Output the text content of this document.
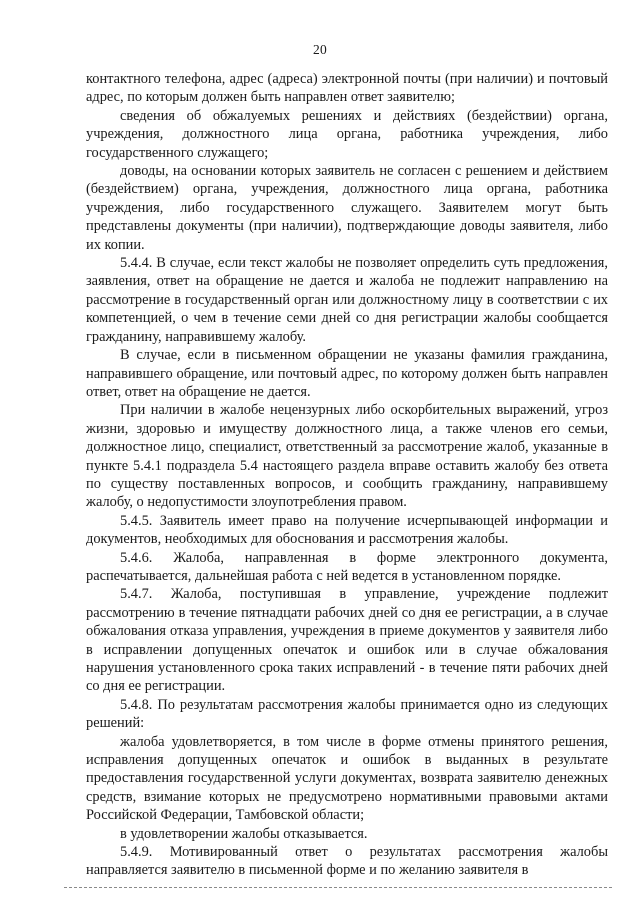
20

контактного телефона, адрес (адреса) электронной почты (при наличии) и почтовый адрес, по которым должен быть направлен ответ заявителю;

сведения об обжалуемых решениях и действиях (бездействии) органа, учреждения, должностного лица органа, работника учреждения, либо государственного служащего;

доводы, на основании которых заявитель не согласен с решением и действием (бездействием) органа, учреждения, должностного лица органа, работника учреждения, либо государственного служащего. Заявителем могут быть представлены документы (при наличии), подтверждающие доводы заявителя, либо их копии.

5.4.4. В случае, если текст жалобы не позволяет определить суть предложения, заявления, ответ на обращение не дается и жалоба не подлежит направлению на рассмотрение в государственный орган или должностному лицу в соответствии с их компетенцией, о чем в течение семи дней со дня регистрации жалобы сообщается гражданину, направившему жалобу.

В случае, если в письменном обращении не указаны фамилия гражданина, направившего обращение, или почтовый адрес, по которому должен быть направлен ответ, ответ на обращение не дается.

При наличии в жалобе нецензурных либо оскорбительных выражений, угроз жизни, здоровью и имуществу должностного лица, а также членов его семьи, должностное лицо, специалист, ответственный за рассмотрение жалоб, указанные в пункте 5.4.1 подраздела 5.4 настоящего раздела вправе оставить жалобу без ответа по существу поставленных вопросов, и сообщить гражданину, направившему жалобу, о недопустимости злоупотребления правом.

5.4.5. Заявитель имеет право на получение исчерпывающей информации и документов, необходимых для обоснования и рассмотрения жалобы.

5.4.6. Жалоба, направленная в форме электронного документа, распечатывается, дальнейшая работа с ней ведется в установленном порядке.

5.4.7. Жалоба, поступившая в управление, учреждение подлежит рассмотрению в течение пятнадцати рабочих дней со дня ее регистрации, а в случае обжалования отказа управления, учреждения в приеме документов у заявителя либо в исправлении допущенных опечаток и ошибок или в случае обжалования нарушения установленного срока таких исправлений - в течение пяти рабочих дней со дня ее регистрации.

5.4.8. По результатам рассмотрения жалобы принимается одно из следующих решений:

жалоба удовлетворяется, в том числе в форме отмены принятого решения, исправления допущенных опечаток и ошибок в выданных в результате предоставления государственной услуги документах, возврата заявителю денежных средств, взимание которых не предусмотрено нормативными правовыми актами Российской Федерации, Тамбовской области;

в удовлетворении жалобы отказывается.

5.4.9. Мотивированный ответ о результатах рассмотрения жалобы направляется заявителю в письменной форме и по желанию заявителя в
